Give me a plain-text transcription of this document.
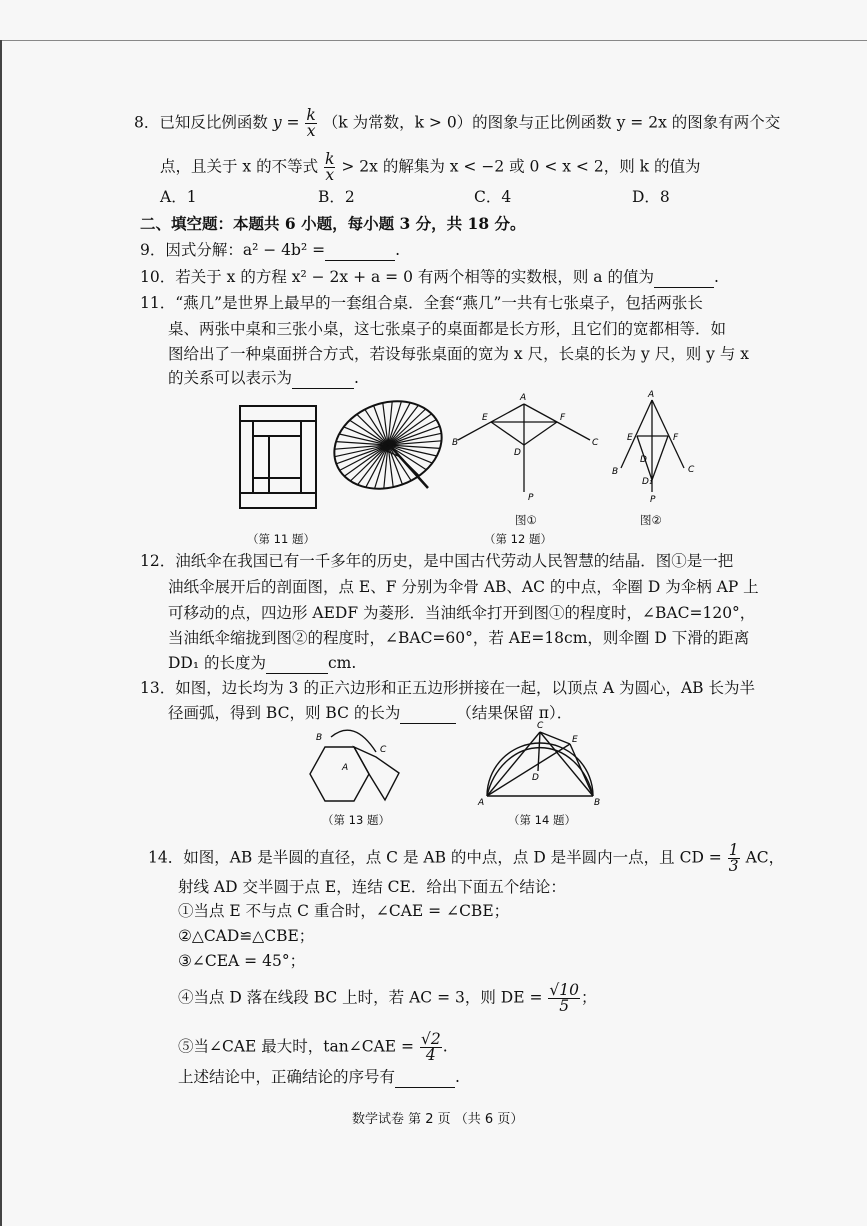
8．已知反比例函数 $y = \frac{k}{x} (k$ 为常数，k > 0）的图象与正比例函数 y = 2x 的图象有两个交
点，且关于 x 的不等式 $\frac{k}{x} > 2x$ 的解集为 x < −2 或 0 < x < 2，则 k 的值为
A．1	B．2	C．4	D．8
二、填空题：本题共 6 小题，每小题 3 分，共 18 分。
9．因式分解：a² − 4b² =	.
10．若关于 x 的方程 x² − 2x + a = 0 有两个相等的实数根，则 a 的值为	.
11．“燕几”是世界上最早的一套组合桌．全套“燕几”一共有七张桌子，包括两张长
桌、两张中桌和三张小桌，这七张桌子的桌面都是长方形，且它们的宽都相等．如
图给出了一种桌面拼合方式，若设每张桌面的宽为 x 尺，长桌的长为 y 尺，则 y 与 x
的关系可以表示为	.
A
E	F
B	C
D
P
A
E	F
B	C
D
D₁
P
B
C
A
C
E
D
A	B
（第 11 题）	（第 12 题）
图①	图②
12．油纸伞在我国已有一千多年的历史，是中国古代劳动人民智慧的结晶．图①是一把
油纸伞展开后的剖面图，点 E、F 分别为伞骨 AB、AC 的中点，伞圈 D 为伞柄 AP 上
可移动的点，四边形 AEDF 为菱形．当油纸伞打开到图①的程度时，∠BAC=120°，
当油纸伞缩拢到图②的程度时，∠BAC=60°，若 AE=18cm，则伞圈 D 下滑的距离
DD₁ 的长度为	cm.
13．如图，边长均为 3 的正六边形和正五边形拼接在一起，以顶点 A 为圆心，AB 长为半
径画弧，得到 BC，则 BC 的长为	（结果保留 π）．
（第 13 题）	（第 14 题）
14．如图，AB 是半圆的直径，点 C 是 AB 的中点，点 D 是半圆内一点，且 CD = $\frac{1}{3}$ AC，
射线 AD 交半圆于点 E，连结 CE．给出下面五个结论：
①当点 E 不与点 C 重合时，∠CAE = ∠CBE；
②△CAD≌△CBE；
③∠CEA = 45°；
④当点 D 落在线段 BC 上时，若 AC = 3，则 DE = $\frac{√10}{5}$ ；
⑤当∠CAE 最大时，tan∠CAE = $\frac{√2}{4}$ .
上述结论中，正确结论的序号有	.
数学试卷 第 2 页 （共 6 页）
